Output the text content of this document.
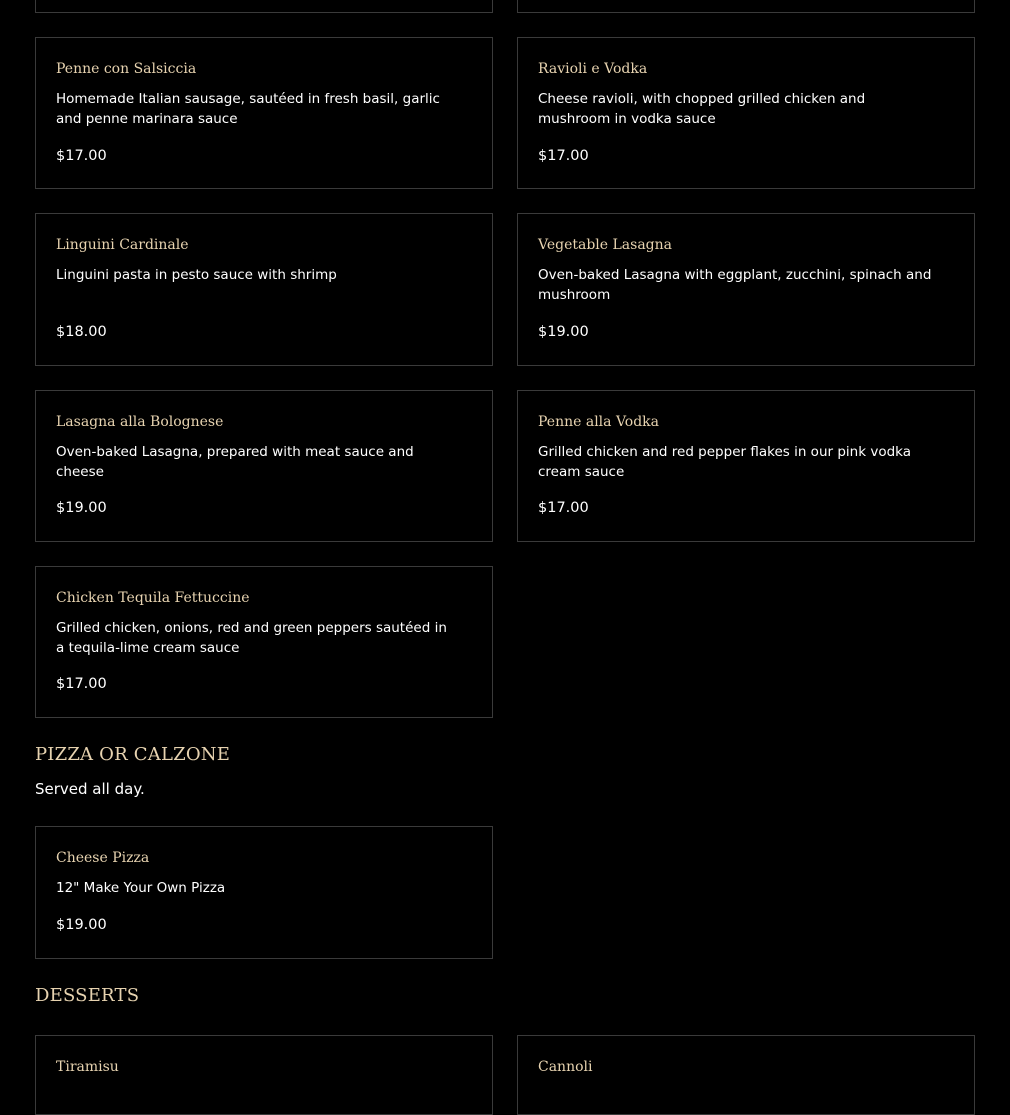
Penne con Salsiccia
Homemade Italian sausage, sautéed in fresh basil, garlic and penne marinara sauce
$17.00
Ravioli e Vodka
Cheese ravioli, with chopped grilled chicken and mushroom in vodka sauce
$17.00
Linguini Cardinale
Linguini pasta in pesto sauce with shrimp
$18.00
Vegetable Lasagna
Oven-baked Lasagna with eggplant, zucchini, spinach and mushroom
$19.00
Lasagna alla Bolognese
Oven-baked Lasagna, prepared with meat sauce and cheese
$19.00
Penne alla Vodka
Grilled chicken and red pepper flakes in our pink vodka cream sauce
$17.00
Chicken Tequila Fettuccine
Grilled chicken, onions, red and green peppers sautéed in a tequila-lime cream sauce
$17.00
PIZZA OR CALZONE
Served all day.
Cheese Pizza
12" Make Your Own Pizza
$19.00
DESSERTS
Tiramisu	Cannoli
